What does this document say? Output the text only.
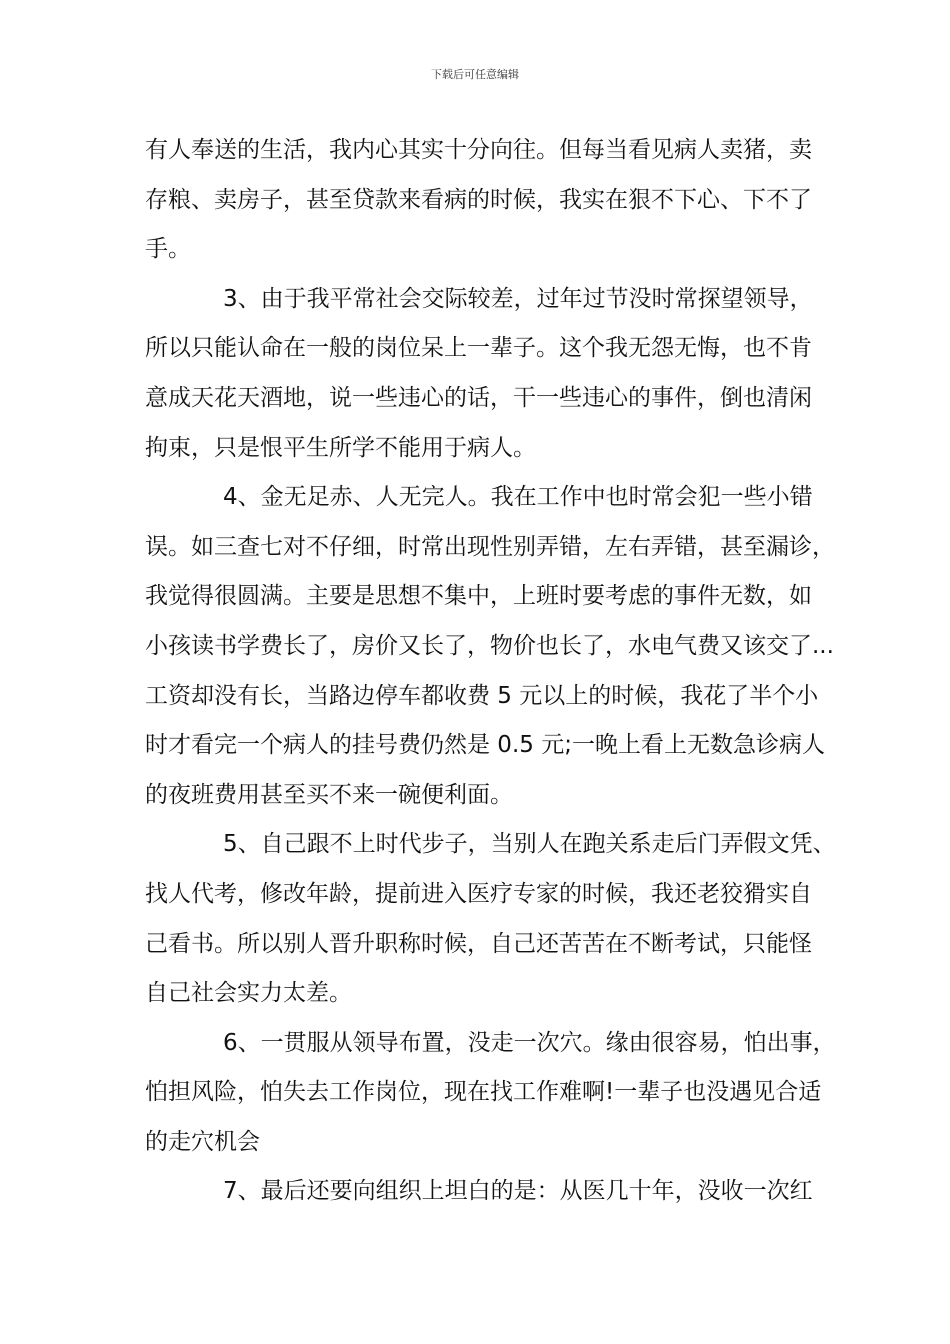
下载后可任意编辑
有人奉送的生活，我内心其实十分向往。但每当看见病人卖猪，卖
存粮、卖房子，甚至贷款来看病的时候，我实在狠不下心、下不了
手。
3、由于我平常社会交际较差，过年过节没时常探望领导，
所以只能认命在一般的岗位呆上一辈子。这个我无怨无悔，也不肯
意成天花天酒地，说一些违心的话，干一些违心的事件，倒也清闲
拘束，只是恨平生所学不能用于病人。
4、金无足赤、人无完人。我在工作中也时常会犯一些小错
误。如三查七对不仔细，时常出现性别弄错，左右弄错，甚至漏诊，
我觉得很圆满。主要是思想不集中，上班时要考虑的事件无数，如
小孩读书学费长了，房价又长了，物价也长了，水电气费又该交了...
工资却没有长，当路边停车都收费 5 元以上的时候，我花了半个小
时才看完一个病人的挂号费仍然是 0.5 元;一晚上看上无数急诊病人
的夜班费用甚至买不来一碗便利面。
5、自己跟不上时代步子，当别人在跑关系走后门弄假文凭、
找人代考，修改年龄，提前进入医疗专家的时候，我还老狡猾实自
己看书。所以别人晋升职称时候，自己还苦苦在不断考试，只能怪
自己社会实力太差。
6、一贯服从领导布置，没走一次穴。缘由很容易，怕出事，
怕担风险，怕失去工作岗位，现在找工作难啊!一辈子也没遇见合适
的走穴机会
7、最后还要向组织上坦白的是：从医几十年，没收一次红
